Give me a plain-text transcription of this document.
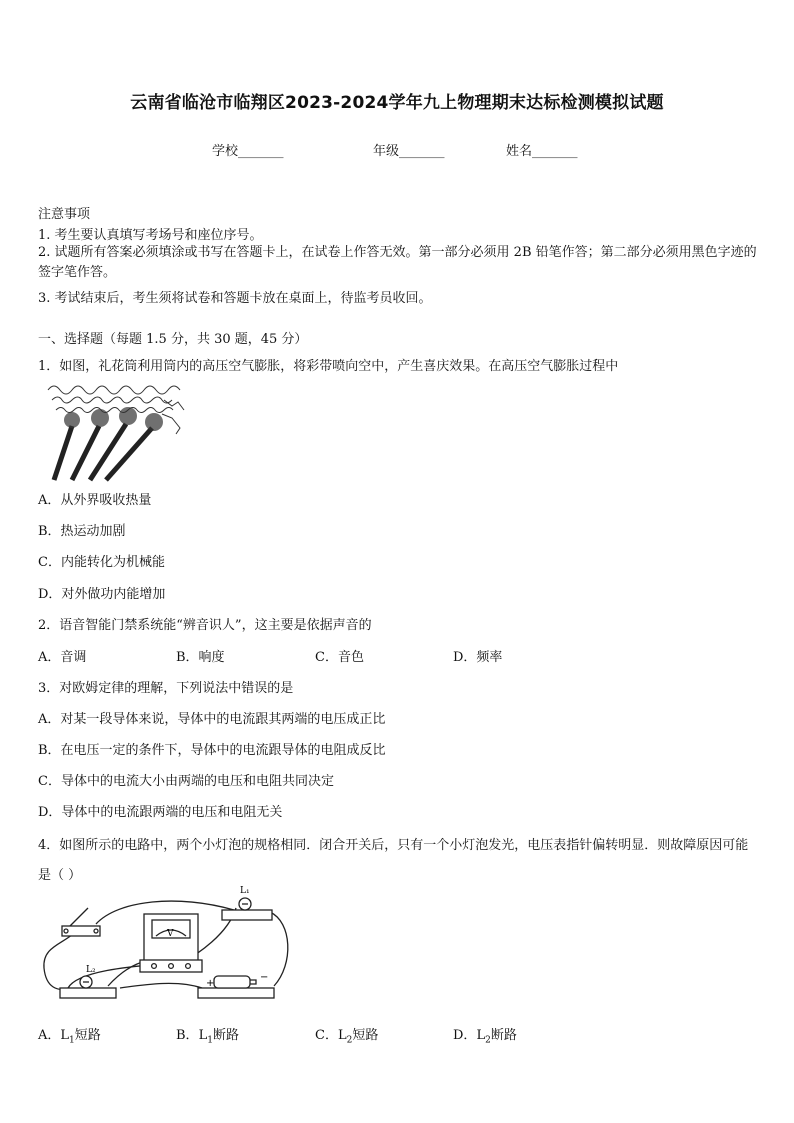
云南省临沧市临翔区2023-2024学年九上物理期末达标检测模拟试题
学校_______	年级_______	姓名_______
注意事项
1. 考生要认真填写考场号和座位序号。
2. 试题所有答案必须填涂或书写在答题卡上，在试卷上作答无效。第一部分必须用 2B 铅笔作答；第二部分必须用黑色字迹的签字笔作答。
3. 考试结束后，考生须将试卷和答题卡放在桌面上，待监考员收回。
一、选择题（每题 1.5 分，共 30 题，45 分）
1．如图，礼花筒利用筒内的高压空气膨胀，将彩带喷向空中，产生喜庆效果。在高压空气膨胀过程中
A．从外界吸收热量
B．热运动加剧
C．内能转化为机械能
D．对外做功内能增加
2．语音智能门禁系统能“辨音识人”，这主要是依据声音的
A．音调	B．响度	C．音色	D．频率
3．对欧姆定律的理解，下列说法中错误的是
A．对某一段导体来说，导体中的电流跟其两端的电压成正比
B．在电压一定的条件下，导体中的电流跟导体的电阻成反比
C．导体中的电流大小由两端的电压和电阻共同决定
D．导体中的电流跟两端的电压和电阻无关
4．如图所示的电路中，两个小灯泡的规格相同．闭合开关后，只有一个小灯泡发光，电压表指针偏转明显．则故障原因可能是（ ）
L₁
L₂
V
+
−
A．$L_1$短路	B．$L_1$断路	C．$L_2$短路	D．$L_2$断路
